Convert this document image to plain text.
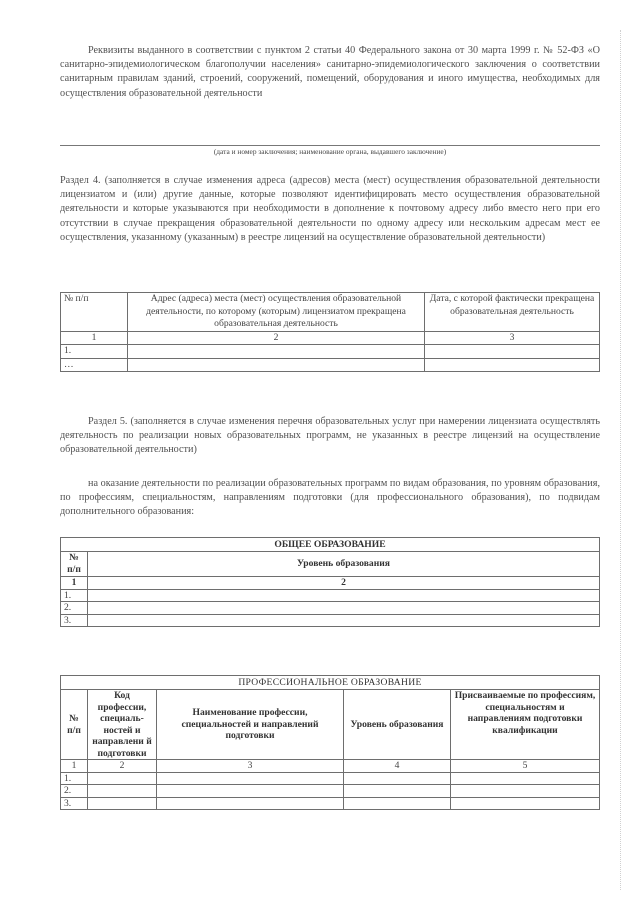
Реквизиты выданного в соответствии с пунктом 2 статьи 40 Федерального закона от 30 марта 1999 г. № 52-ФЗ «О санитарно-эпидемиологическом благополучии населения» санитарно-эпидемиологического заключения о соответствии санитарным правилам зданий, строений, сооружений, помещений, оборудования и иного имущества, необходимых для осуществления образовательной деятельности

(дата и номер заключения; наименование органа, выдавшего заключение)

Раздел 4. (заполняется в случае изменения адреса (адресов) места (мест) осуществления образовательной деятельности лицензиатом и (или) другие данные, которые позволяют идентифицировать место осуществления образовательной деятельности и которые указываются при необходимости в дополнение к почтовому адресу либо вместо него при его отсутствии в случае прекращения образовательной деятельности по одному адресу или нескольким адресам мест ее осуществления, указанному (указанным) в реестре лицензий на осуществление образовательной деятельности)

№ п/п	Адрес (адреса) места (мест) осуществления образовательной деятельности, по которому (которым) лицензиатом прекращена образовательная деятельность	Дата, с которой фактически прекращена образовательная деятельность
1	2	3
1.		
…		

Раздел 5. (заполняется в случае изменения перечня образовательных услуг при намерении лицензиата осуществлять деятельность по реализации новых образовательных программ, не указанных в реестре лицензий на осуществление образовательной деятельности)

на оказание деятельности по реализации образовательных программ по видам образования, по уровням образования, по профессиям, специальностям, направлениям подготовки (для профессионального образования), по подвидам дополнительного образования:

ОБЩЕЕ ОБРАЗОВАНИЕ	
№ п/п	Уровень образования
1	2
1.	
2.	
3.	
ПРОФЕССИОНАЛЬНОЕ ОБРАЗОВАНИЕ				
№ п/п	Код профессии, специаль-ностей и направлени й подготовки	Наименование профессии, специальностей и направлений подготовки	Уровень образования	Присваиваемые по профессиям, специальностям и направлениям подготовки квалификации
1	2	3	4	5
1.				
2.				
3.				
